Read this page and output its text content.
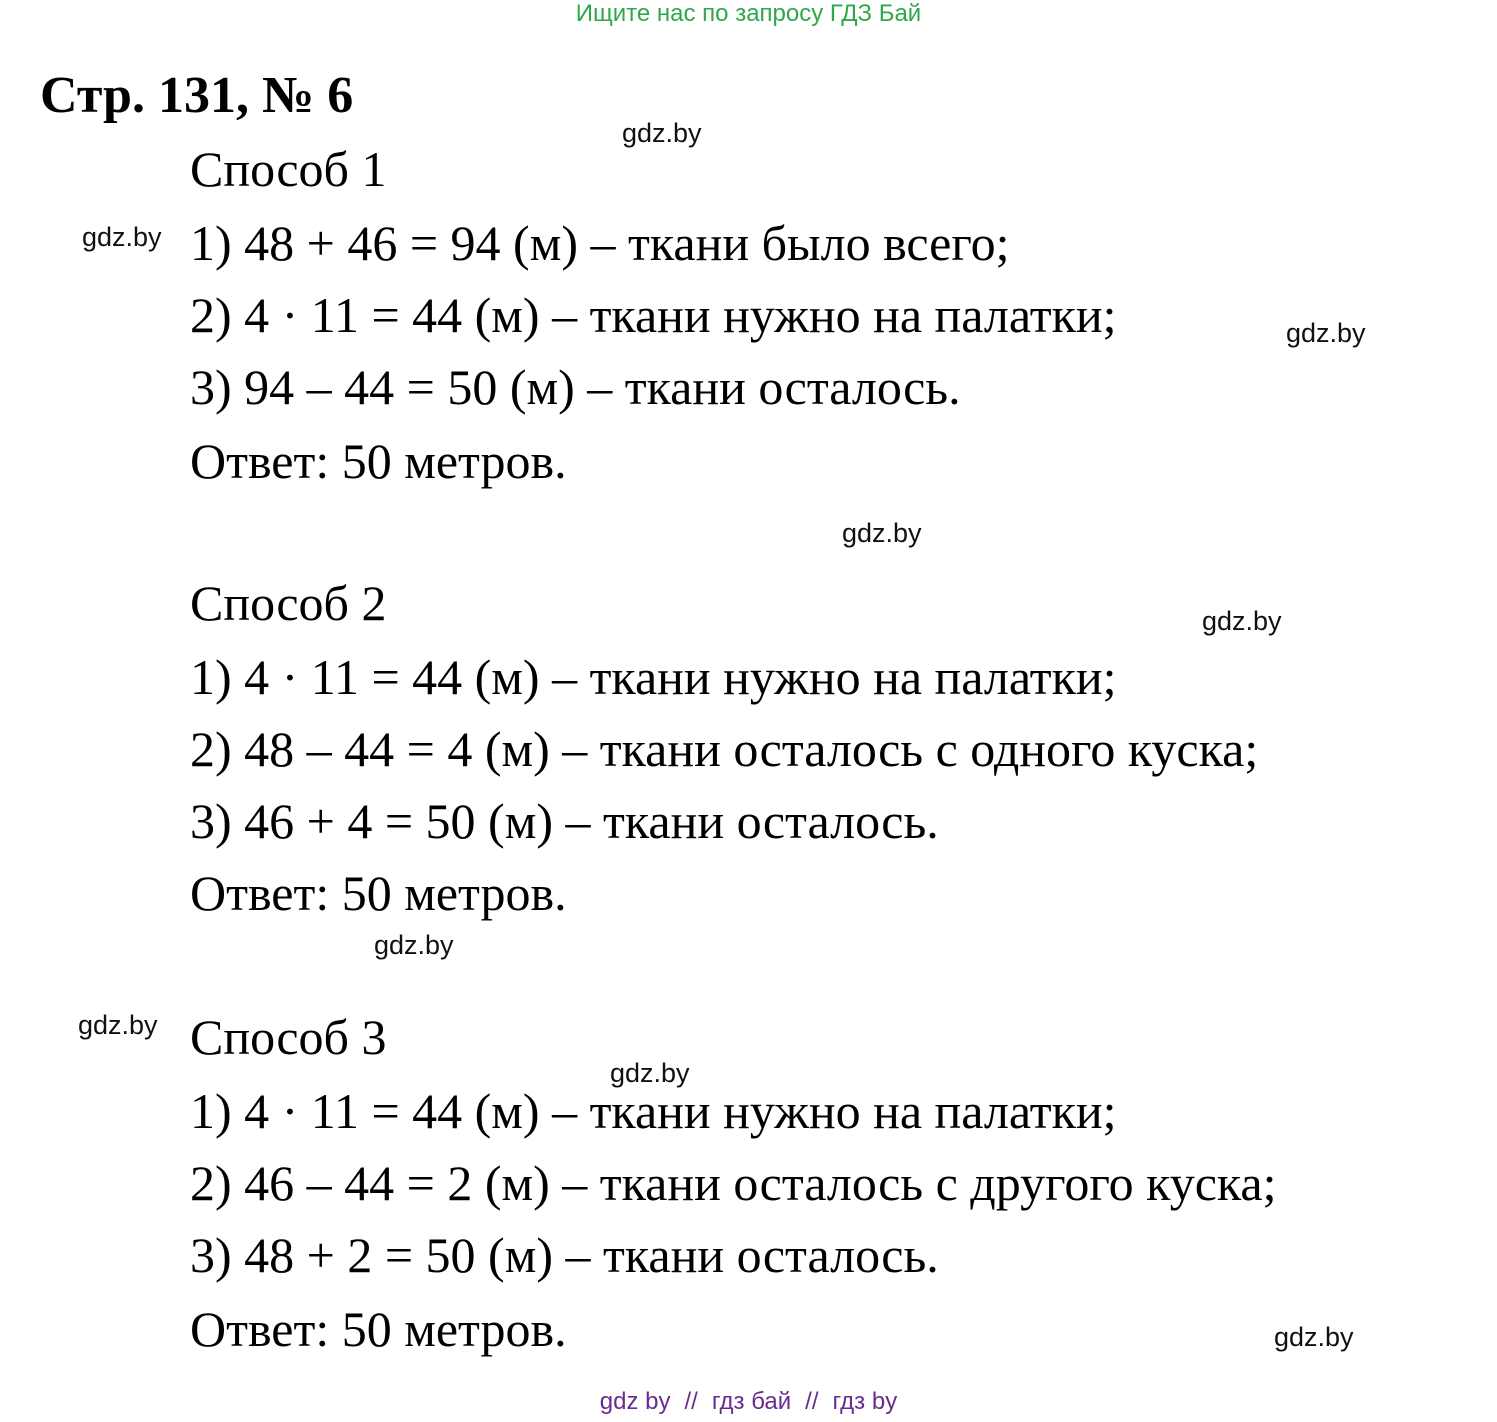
Ищите нас по запросу ГДЗ Бай
Стр. 131, № 6
Способ 1
1) 48 + 46 = 94 (м) – ткани было всего;
2) 4 · 11 = 44 (м) – ткани нужно на палатки;
3) 94 – 44 = 50 (м) – ткани осталось.
Ответ: 50 метров.
Способ 2
1) 4 · 11 = 44 (м) – ткани нужно на палатки;
2) 48 – 44 = 4 (м) – ткани осталось с одного куска;
3) 46 + 4 = 50 (м) – ткани осталось.
Ответ: 50 метров.
Способ 3
1) 4 · 11 = 44 (м) – ткани нужно на палатки;
2) 46 – 44 = 2 (м) – ткани осталось с другого куска;
3) 48 + 2 = 50 (м) – ткани осталось.
Ответ: 50 метров.
gdz.by
gdz.by
gdz.by
gdz.by
gdz.by
gdz.by
gdz.by
gdz.by
gdz.by
gdz by // гдз бай // гдз by
